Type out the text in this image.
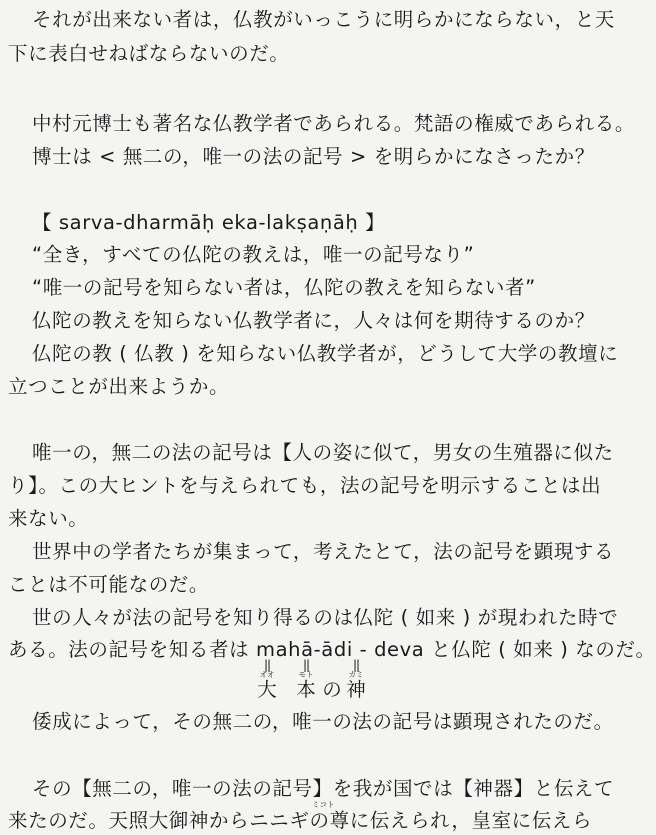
それが出来ない者は，仏教がいっこうに明らかにならない，と天
下に表白せねばならないのだ。
中村元博士も著名な仏教学者であられる。梵語の権威であられる。
博士は < 無二の，唯一の法の記号 > を明らかになさったか？
【 sarva-dharmāḥ eka-lakṣaṇāḥ 】
“全き，すべての仏陀の教えは，唯一の記号なり”
“唯一の記号を知らない者は，仏陀の教えを知らない者”
仏陀の教えを知らない仏教学者に，人々は何を期待するのか？
仏陀の教 ( 仏教 ) を知らない仏教学者が，どうして大学の教壇に
立つことが出来ようか。
唯一の，無二の法の記号は【人の姿に似て，男女の生殖器に似た
り】。この大ヒントを与えられても，法の記号を明示することは出
来ない。
世界中の学者たちが集まって，考えたとて，法の記号を顕現する
ことは不可能なのだ。
世の人々が法の記号を知り得るのは仏陀 ( 如来 ) が現われた時で
ある。法の記号を知る者は mahā-ādi - deva と仏陀 ( 如来 ) なのだ。
||
オオ
大
||
モト
本 の
||
カミ
神
倭成によって，その無二の，唯一の法の記号は顕現されたのだ。
その【無二の，唯一の法の記号】を我が国では【神器】と伝えて
ミコト
来たのだ。天照大御神からニニギの尊に伝えられ，皇室に伝えら
